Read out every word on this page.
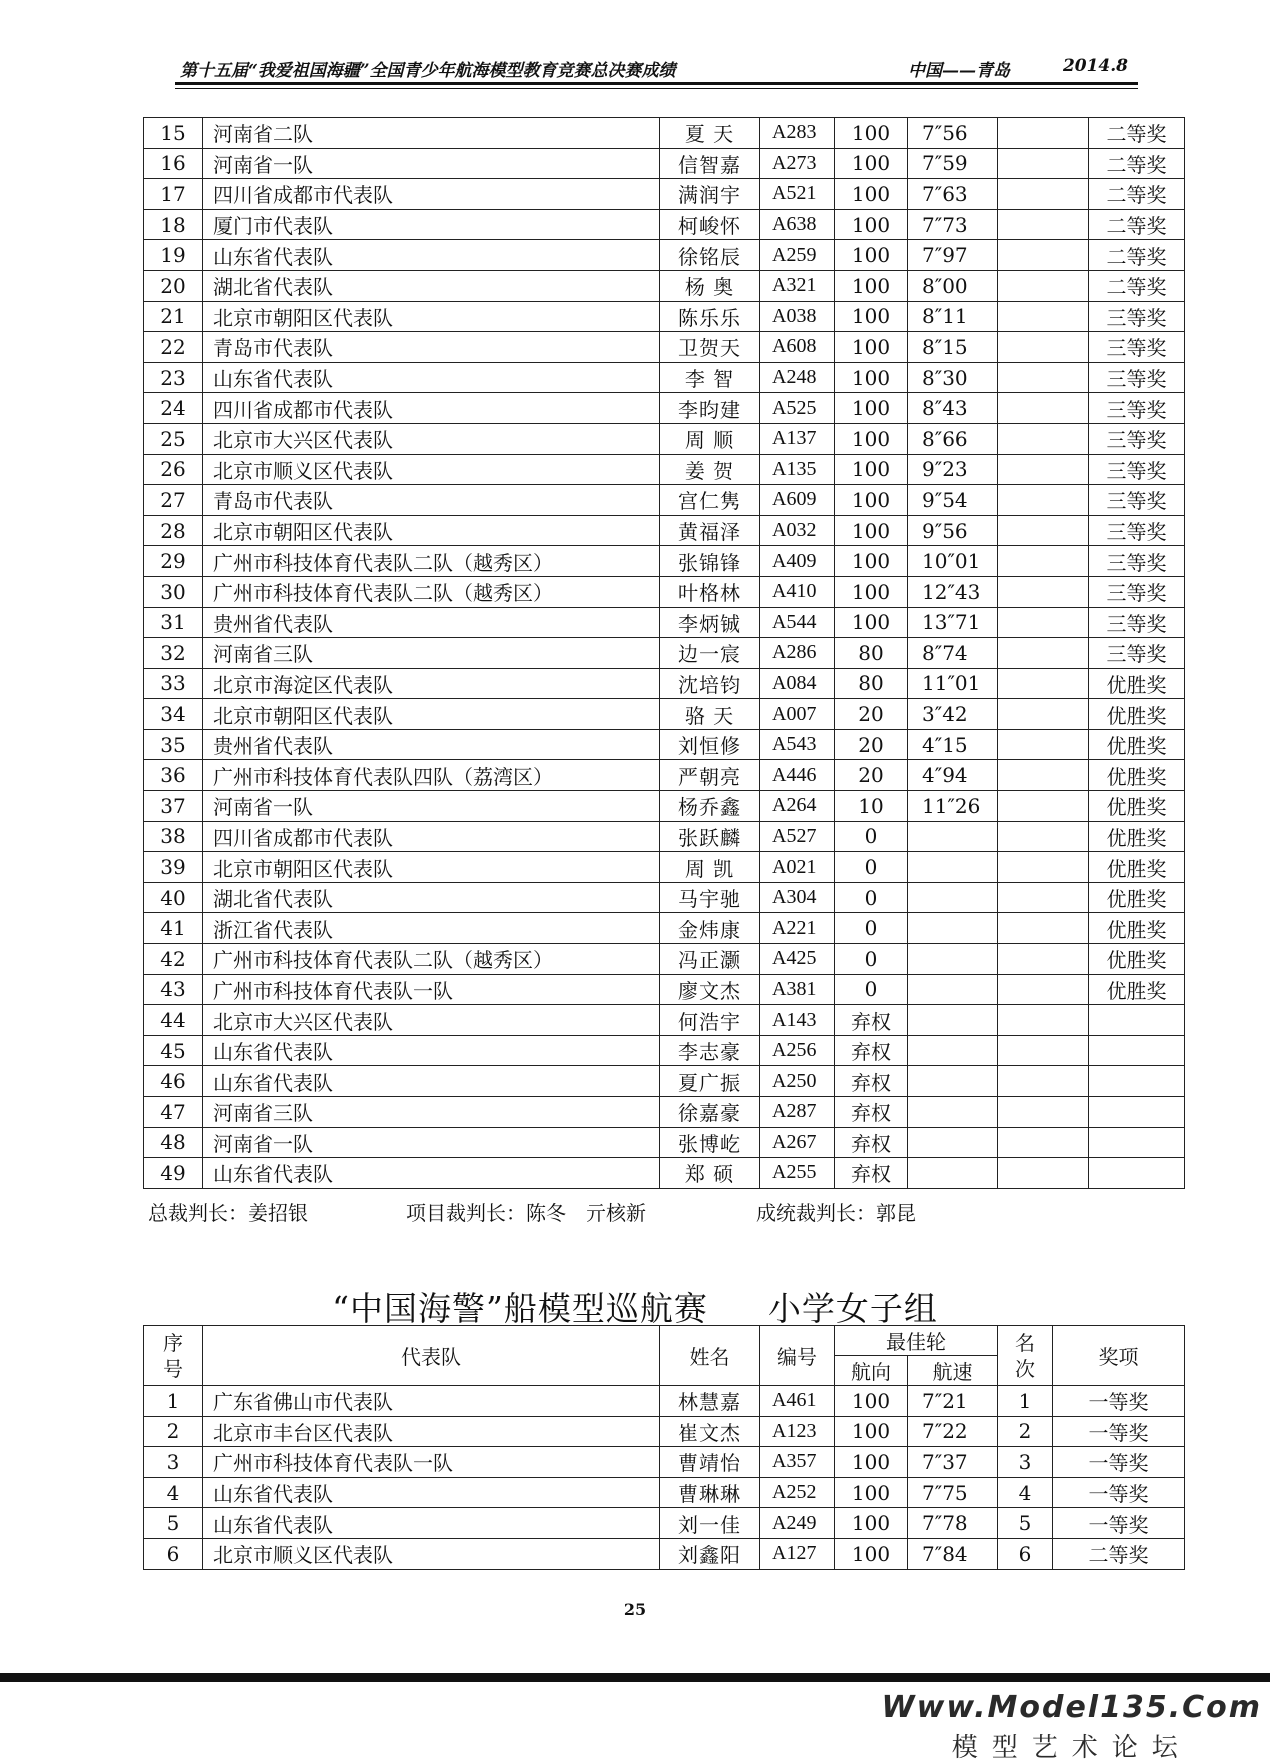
第十五届“我爱祖国海疆”全国青少年航海模型教育竞赛总决赛成绩	中国——青岛	2014.8
15	河南省二队	夏 天	A283	100	7″56		二等奖
16	河南省一队	信智嘉	A273	100	7″59		二等奖
17	四川省成都市代表队	满润宇	A521	100	7″63		二等奖
18	厦门市代表队	柯峻怀	A638	100	7″73		二等奖
19	山东省代表队	徐铭辰	A259	100	7″97		二等奖
20	湖北省代表队	杨 奥	A321	100	8″00		二等奖
21	北京市朝阳区代表队	陈乐乐	A038	100	8″11		三等奖
22	青岛市代表队	卫贺天	A608	100	8″15		三等奖
23	山东省代表队	李 智	A248	100	8″30		三等奖
24	四川省成都市代表队	李昀建	A525	100	8″43		三等奖
25	北京市大兴区代表队	周 顺	A137	100	8″66		三等奖
26	北京市顺义区代表队	姜 贺	A135	100	9″23		三等奖
27	青岛市代表队	宫仁隽	A609	100	9″54		三等奖
28	北京市朝阳区代表队	黄福泽	A032	100	9″56		三等奖
29	广州市科技体育代表队二队（越秀区）	张锦锋	A409	100	10″01		三等奖
30	广州市科技体育代表队二队（越秀区）	叶格林	A410	100	12″43		三等奖
31	贵州省代表队	李炳铖	A544	100	13″71		三等奖
32	河南省三队	边一宸	A286	80	8″74		三等奖
33	北京市海淀区代表队	沈培钧	A084	80	11″01		优胜奖
34	北京市朝阳区代表队	骆 天	A007	20	3″42		优胜奖
35	贵州省代表队	刘恒修	A543	20	4″15		优胜奖
36	广州市科技体育代表队四队（荔湾区）	严朝亮	A446	20	4″94		优胜奖
37	河南省一队	杨乔鑫	A264	10	11″26		优胜奖
38	四川省成都市代表队	张跃麟	A527	0			优胜奖
39	北京市朝阳区代表队	周 凯	A021	0			优胜奖
40	湖北省代表队	马宇驰	A304	0			优胜奖
41	浙江省代表队	金炜康	A221	0			优胜奖
42	广州市科技体育代表队二队（越秀区）	冯正灏	A425	0			优胜奖
43	广州市科技体育代表队一队	廖文杰	A381	0			优胜奖
44	北京市大兴区代表队	何浩宇	A143	弃权			
45	山东省代表队	李志豪	A256	弃权			
46	山东省代表队	夏广振	A250	弃权			
47	河南省三队	徐嘉豪	A287	弃权			
48	河南省一队	张博屹	A267	弃权			
49	山东省代表队	郑 硕	A255	弃权			
总裁判长：姜招银	项目裁判长：陈冬　亓核新	成统裁判长：郭昆
“中国海警”船模型巡航赛 小学女子组
序号	代表队	姓名	编号	最佳轮		名次	奖项
				航向	航速		
1	广东省佛山市代表队	林慧嘉	A461	100	7″21	1	一等奖
2	北京市丰台区代表队	崔文杰	A123	100	7″22	2	一等奖
3	广州市科技体育代表队一队	曹靖怡	A357	100	7″37	3	一等奖
4	山东省代表队	曹琳琳	A252	100	7″75	4	一等奖
5	山东省代表队	刘一佳	A249	100	7″78	5	一等奖
6	北京市顺义区代表队	刘鑫阳	A127	100	7″84	6	二等奖
25
Www.Model135.Com
模型艺术论坛
